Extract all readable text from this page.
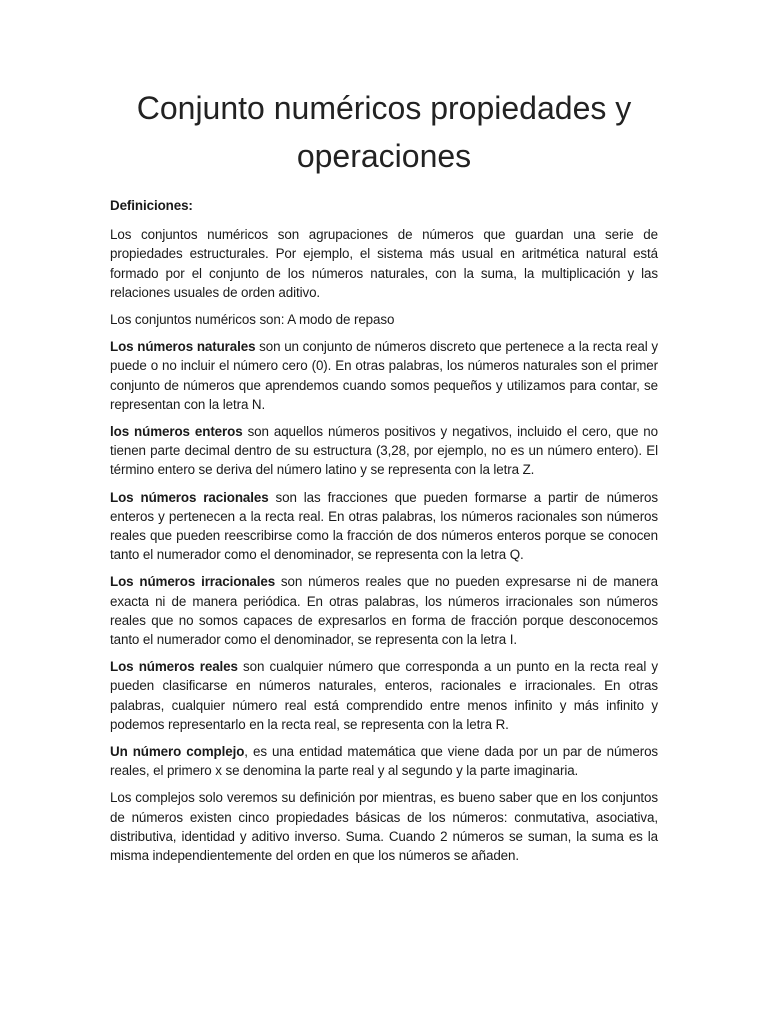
Conjunto numéricos propiedades y operaciones

Definiciones:

Los conjuntos numéricos son agrupaciones de números que guardan una serie de propiedades estructurales. Por ejemplo, el sistema más usual en aritmética natural está formado por el conjunto de los números naturales, con la suma, la multiplicación y las relaciones usuales de orden aditivo.

Los conjuntos numéricos son: A modo de repaso

Los números naturales son un conjunto de números discreto que pertenece a la recta real y puede o no incluir el número cero (0). En otras palabras, los números naturales son el primer conjunto de números que aprendemos cuando somos pequeños y utilizamos para contar, se representan con la letra N.

los números enteros son aquellos números positivos y negativos, incluido el cero, que no tienen parte decimal dentro de su estructura (3,28, por ejemplo, no es un número entero). El término entero se deriva del número latino y se representa con la letra Z.

Los números racionales son las fracciones que pueden formarse a partir de números enteros y pertenecen a la recta real. En otras palabras, los números racionales son números reales que pueden reescribirse como la fracción de dos números enteros porque se conocen tanto el numerador como el denominador, se representa con la letra Q.

Los números irracionales son números reales que no pueden expresarse ni de manera exacta ni de manera periódica. En otras palabras, los números irracionales son números reales que no somos capaces de expresarlos en forma de fracción porque desconocemos tanto el numerador como el denominador, se representa con la letra I.

Los números reales son cualquier número que corresponda a un punto en la recta real y pueden clasificarse en números naturales, enteros, racionales e irracionales. En otras palabras, cualquier número real está comprendido entre menos infinito y más infinito y podemos representarlo en la recta real, se representa con la letra R.

Un número complejo, es una entidad matemática que viene dada por un par de números reales, el primero x se denomina la parte real y al segundo y la parte imaginaria.

Los complejos solo veremos su definición por mientras, es bueno saber que en los conjuntos de números existen cinco propiedades básicas de los números: conmutativa, asociativa, distributiva, identidad y aditivo inverso. Suma. Cuando 2 números se suman, la suma es la misma independientemente del orden en que los números se añaden.
